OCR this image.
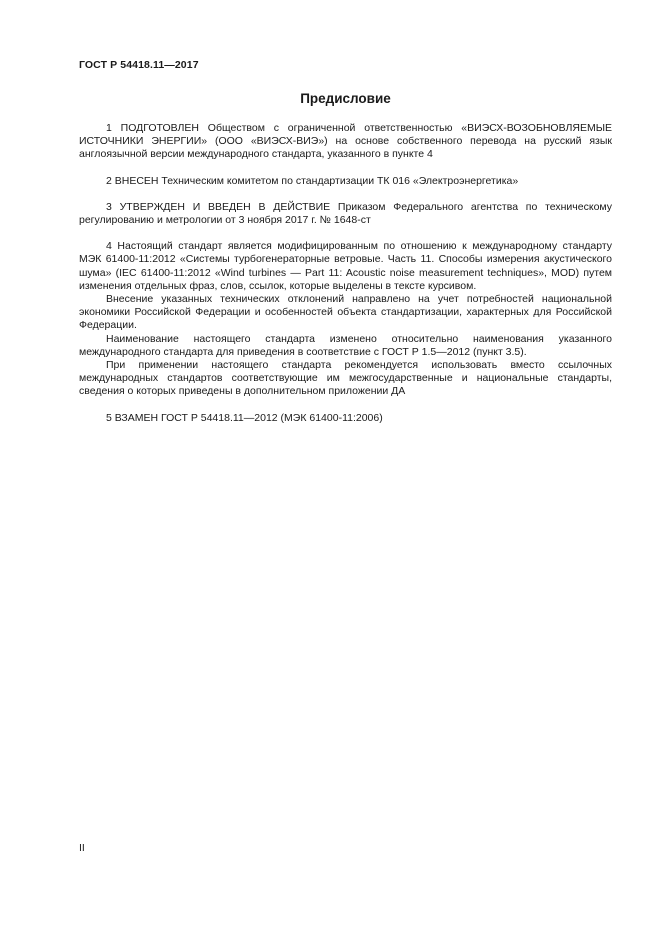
ГОСТ Р 54418.11—2017
Предисловие

1 ПОДГОТОВЛЕН Обществом с ограниченной ответственностью «ВИЭСХ-ВОЗОБНОВЛЯЕМЫЕ ИСТОЧНИКИ ЭНЕРГИИ» (ООО «ВИЭСХ-ВИЭ») на основе собственного перевода на русский язык англоязычной версии международного стандарта, указанного в пункте 4

2 ВНЕСЕН Техническим комитетом по стандартизации ТК 016 «Электроэнергетика»

3 УТВЕРЖДЕН И ВВЕДЕН В ДЕЙСТВИЕ Приказом Федерального агентства по техническому регулированию и метрологии от 3 ноября 2017 г. № 1648-ст

4 Настоящий стандарт является модифицированным по отношению к международному стандарту МЭК 61400-11:2012 «Системы турбогенераторные ветровые. Часть 11. Способы измерения акустического шума» (IEC 61400-11:2012 «Wind turbines — Part 11: Acoustic noise measurement techniques», MOD) путем изменения отдельных фраз, слов, ссылок, которые выделены в тексте курсивом.

Внесение указанных технических отклонений направлено на учет потребностей национальной экономики Российской Федерации и особенностей объекта стандартизации, характерных для Российской Федерации.

Наименование настоящего стандарта изменено относительно наименования указанного международного стандарта для приведения в соответствие с ГОСТ Р 1.5—2012 (пункт 3.5).

При применении настоящего стандарта рекомендуется использовать вместо ссылочных международных стандартов соответствующие им межгосударственные и национальные стандарты, сведения о которых приведены в дополнительном приложении ДА

5 ВЗАМЕН ГОСТ Р 54418.11—2012 (МЭК 61400-11:2006)

II
